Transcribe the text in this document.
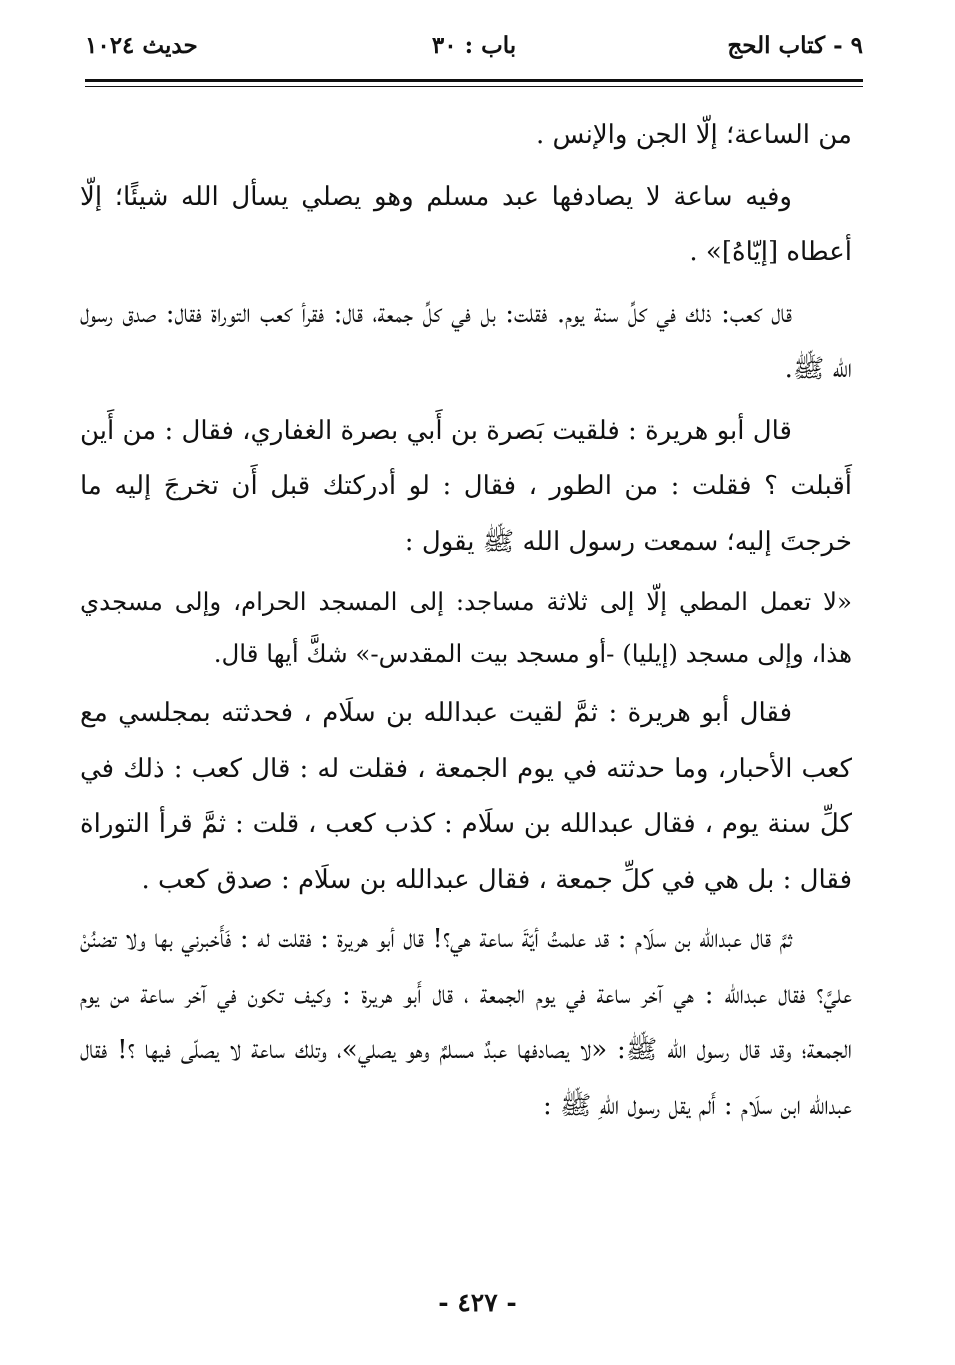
٩ - كتاب الحج
باب : ٣٠
حديث ١٠٢٤

من الساعة؛ إلّا الجن والإنس .

وفيه ساعة لا يصادفها عبد مسلم وهو يصلي يسأل الله شيئًا؛ إلّا أعطاه [إيّاهُ]» .

قال كعب: ذلك في كلِّ سنة يوم. فقلت: بل في كلِّ جمعة، قال: فقرأ كعب التوراة فقال: صدق رسول الله ﷺ.

قال أبو هريرة : فلقيت بَصرة بن أَبي بصرة الغفاري، فقال : من أَين أَقبلت ؟ فقلت : من الطور ، فقال : لو أدركتك قبل أَن تخرجَ إليه ما خرجتَ إليه؛ سمعت رسول الله ﷺ يقول :

«لا تعمل المطي إلّا إلى ثلاثة مساجد: إلى المسجد الحرام، وإلى مسجدي هذا، وإلى مسجد (إيليا) -أو مسجد بيت المقدس-» شكَّ أيها قال.

فقال أبو هريرة : ثمَّ لقيت عبدالله بن سلَام ، فحدثته بمجلسي مع كعب الأحبار، وما حدثته في يوم الجمعة ، فقلت له : قال كعب : ذلك في كلِّ سنة يوم ، فقال عبدالله بن سلَام : كذب كعب ، قلت : ثمَّ قرأ التوراة فقال : بل هي في كلِّ جمعة ، فقال عبدالله بن سلَام : صدق كعب .

ثمَّ قال عبدالله بن سلَام : قد علمتُ أيّةَ ساعة هي؟! قال أبو هريرة : فقلت له : فَأَخبرني بها ولا تضنُنْ عليَّ؟ فقال عبدالله : هي آخر ساعة في يوم الجمعة ، قال أَبو هريرة : وكيف تكون في آخر ساعة من يوم الجمعة؛ وقد قال رسول الله ﷺ: «لا يصادفها عبدٌ مسلمٌ وهو يصلي»، وتلك ساعة لا يصلّى فيها ؟! فقال عبدالله ابن سلَام : أَلم يقل رسول اللهِ ﷺ :

- ٤٢٧ -
